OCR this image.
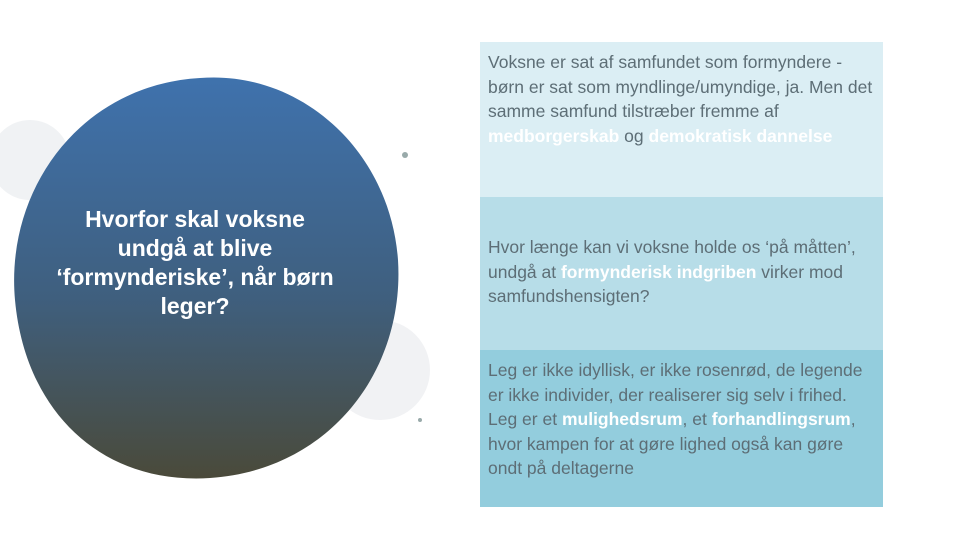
Hvorfor skal voksne undgå at blive ‘formynderiske’, når børn leger?
Voksne er sat af samfundet som formyndere - børn er sat som myndlinge/umyndige, ja. Men det samme samfund tilstræber fremme af medborgerskab og demokratisk dannelse
Hvor længe kan vi voksne holde os ‘på måtten’, undgå at formynderisk indgriben virker mod samfundshensigten?
Leg er ikke idyllisk, er ikke rosenrød, de legende er ikke individer, der realiserer sig selv i frihed. Leg er et mulighedsrum, et forhandlingsrum, hvor kampen for at gøre lighed også kan gøre ondt på deltagerne
